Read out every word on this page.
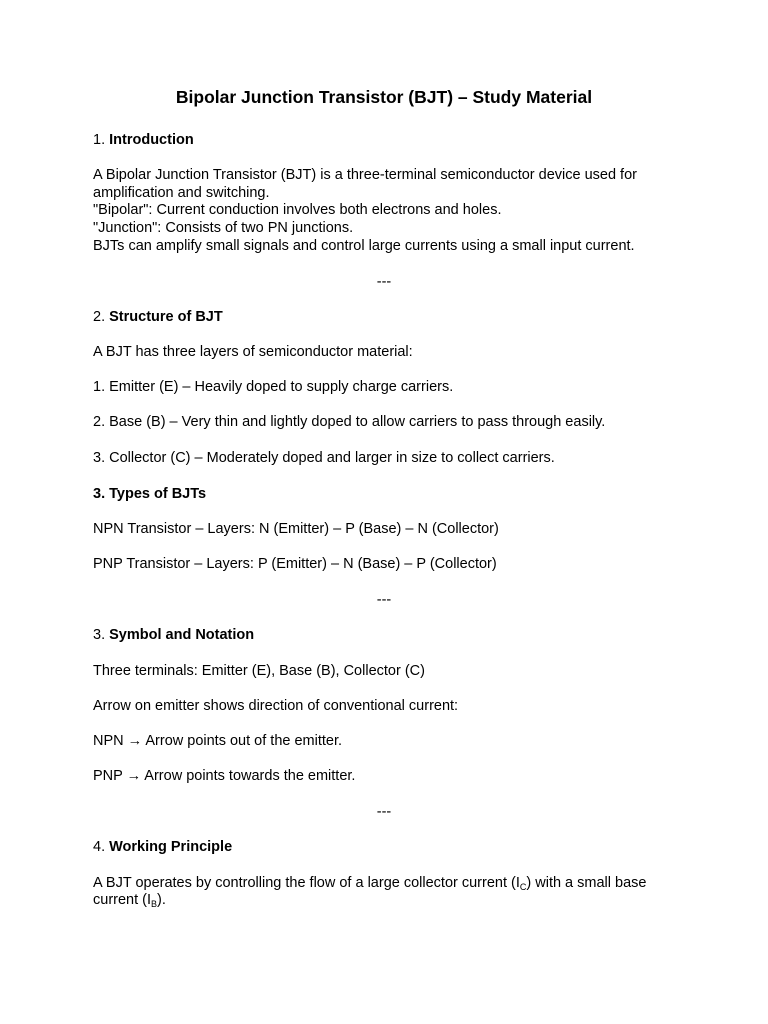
Bipolar Junction Transistor (BJT) – Study Material
1. Introduction
A Bipolar Junction Transistor (BJT) is a three-terminal semiconductor device used for
amplification and switching.
"Bipolar": Current conduction involves both electrons and holes.
"Junction": Consists of two PN junctions.
BJTs can amplify small signals and control large currents using a small input current.
---
2. Structure of BJT
A BJT has three layers of semiconductor material:
1. Emitter (E) – Heavily doped to supply charge carriers.
2. Base (B) – Very thin and lightly doped to allow carriers to pass through easily.
3. Collector (C) – Moderately doped and larger in size to collect carriers.
3. Types of BJTs
NPN Transistor – Layers: N (Emitter) – P (Base) – N (Collector)
PNP Transistor – Layers: P (Emitter) – N (Base) – P (Collector)
---
3. Symbol and Notation
Three terminals: Emitter (E), Base (B), Collector (C)
Arrow on emitter shows direction of conventional current:
NPN → Arrow points out of the emitter.
PNP → Arrow points towards the emitter.
---
4. Working Principle
A BJT operates by controlling the flow of a large collector current $(I_C)$ with a small base
current $(I_B)$.
